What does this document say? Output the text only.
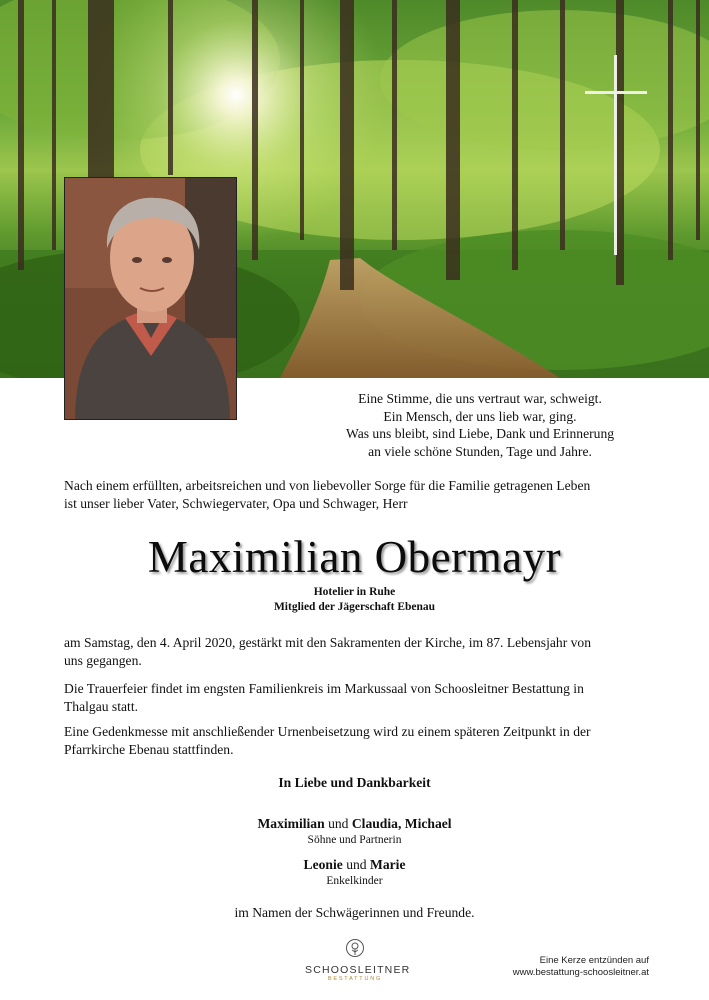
Eine Stimme, die uns vertraut war, schweigt.
Ein Mensch, der uns lieb war, ging.
Was uns bleibt, sind Liebe, Dank und Erinnerung
an viele schöne Stunden, Tage und Jahre.
Nach einem erfüllten, arbeitsreichen und von liebevoller Sorge für die Familie getragenen Leben
ist unser lieber Vater, Schwiegervater, Opa und Schwager, Herr
Maximilian Obermayr
Hotelier in Ruhe
Mitglied der Jägerschaft Ebenau
am Samstag, den 4. April 2020, gestärkt mit den Sakramenten der Kirche, im 87. Lebensjahr von
uns gegangen.
Die Trauerfeier findet im engsten Familienkreis im Markussaal von Schoosleitner Bestattung in
Thalgau statt.
Eine Gedenkmesse mit anschließender Urnenbeisetzung wird zu einem späteren Zeitpunkt in der
Pfarrkirche Ebenau stattfinden.
In Liebe und Dankbarkeit
Maximilian und Claudia, Michael
Söhne und Partnerin
Leonie und Marie
Enkelkinder
im Namen der Schwägerinnen und Freunde.
SCHOOSLEITNER
BESTATTUNG
Eine Kerze entzünden auf
www.bestattung-schoosleitner.at
